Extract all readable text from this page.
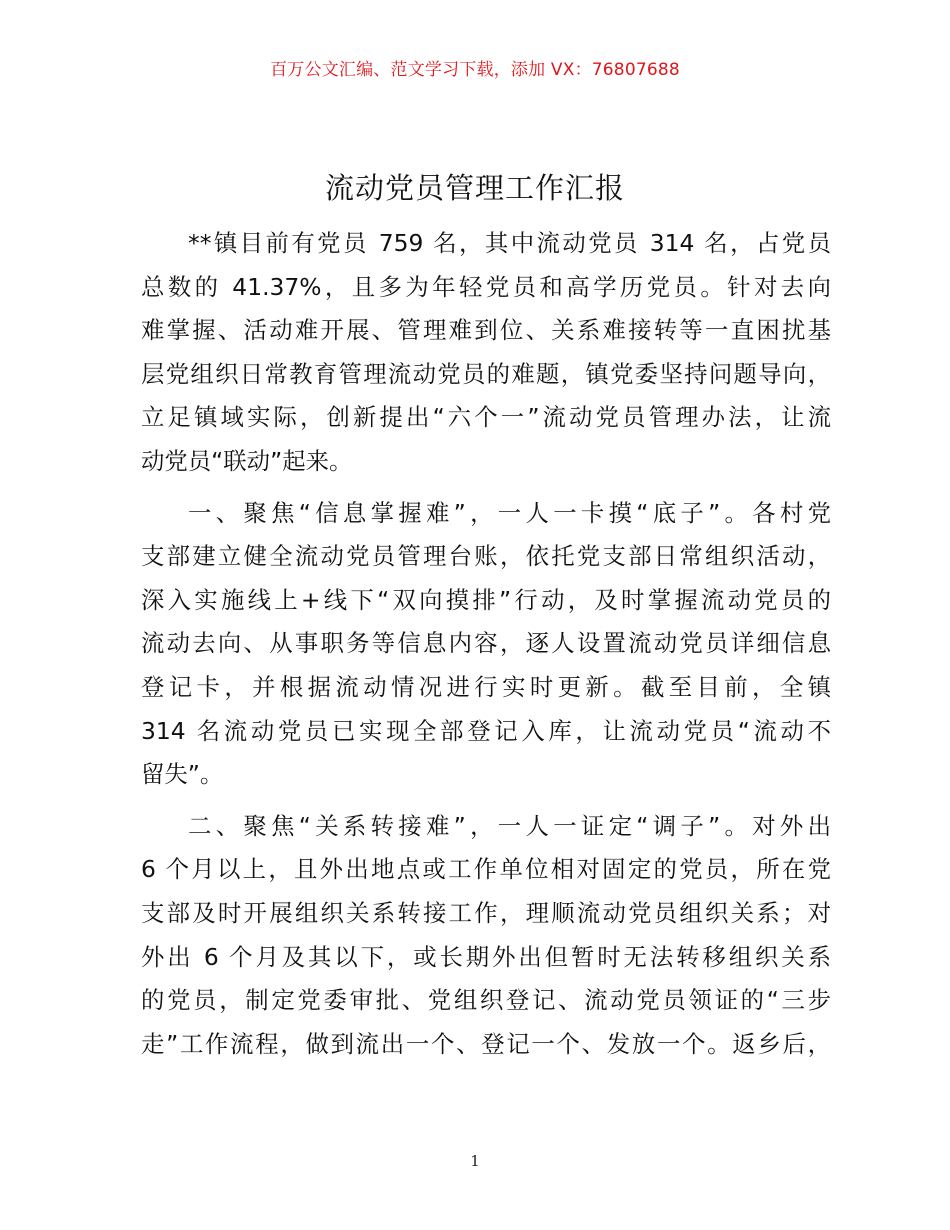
百万公文汇编、范文学习下载，添加 VX：76807688
流动党员管理工作汇报

**镇目前有党员 759 名，其中流动党员 314 名，占党员
总数的 41.37%，且多为年轻党员和高学历党员。针对去向
难掌握、活动难开展、管理难到位、关系难接转等一直困扰基
层党组织日常教育管理流动党员的难题，镇党委坚持问题导向，
立足镇域实际，创新提出“六个一”流动党员管理办法，让流
动党员“联动”起来。

一、聚焦“信息掌握难”，一人一卡摸“底子”。各村党
支部建立健全流动党员管理台账，依托党支部日常组织活动，
深入实施线上+线下“双向摸排”行动，及时掌握流动党员的
流动去向、从事职务等信息内容，逐人设置流动党员详细信息
登记卡，并根据流动情况进行实时更新。截至目前，全镇
314 名流动党员已实现全部登记入库，让流动党员“流动不
留失”。

二、聚焦“关系转接难”，一人一证定“调子”。对外出
6 个月以上，且外出地点或工作单位相对固定的党员，所在党
支部及时开展组织关系转接工作，理顺流动党员组织关系；对
外出 6 个月及其以下，或长期外出但暂时无法转移组织关系
的党员，制定党委审批、党组织登记、流动党员领证的“三步
走”工作流程，做到流出一个、登记一个、发放一个。返乡后，

1
